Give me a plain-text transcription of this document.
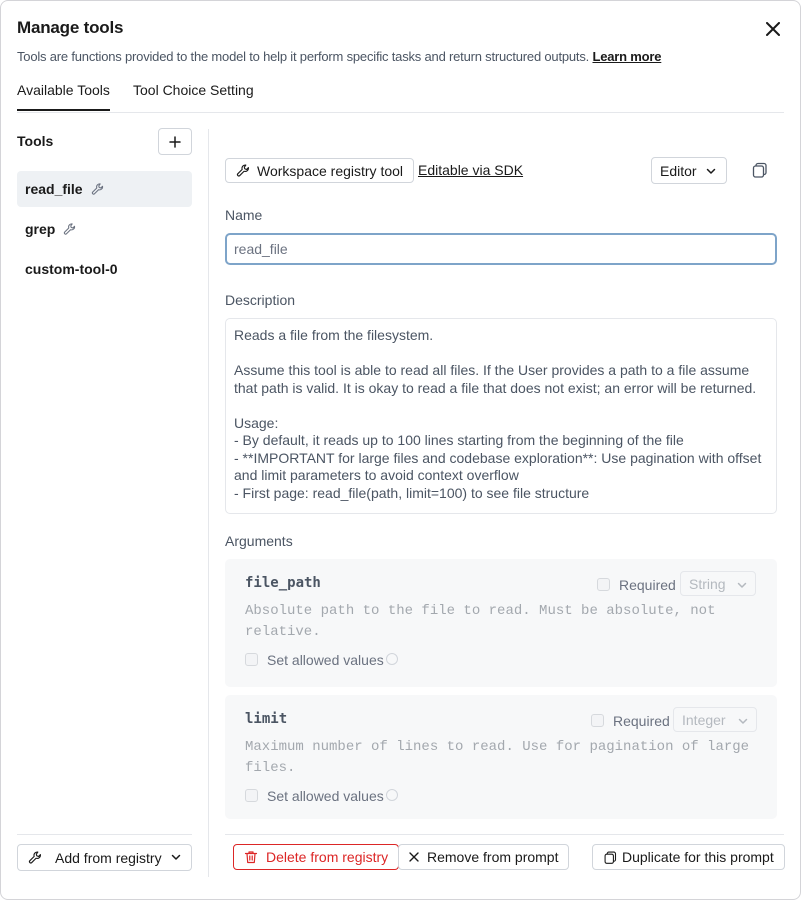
Manage tools
Tools are functions provided to the model to help it perform specific tasks and return structured outputs. Learn more
Available Tools Tool Choice Setting
Tools
read_file
grep
custom-tool-0
Add from registry
Workspace registry tool Editable via SDK	Editor
Name
read_file
Description
Reads a file from the filesystem.

Assume this tool is able to read all files. If the User provides a path to a file assume that path is valid. It is okay to read a file that does not exist; an error will be returned.

Usage:
- By default, it reads up to 100 lines starting from the beginning of the file
- **IMPORTANT for large files and codebase exploration**: Use pagination with offset and limit parameters to avoid context overflow
- First page: read_file(path, limit=100) to see file structure
Arguments
file_path	Required String
Absolute path to the file to read. Must be absolute, not relative.
Set allowed values
limit	Required Integer
Maximum number of lines to read. Use for pagination of large files.
Set allowed values
Delete from registry	Remove from prompt	Duplicate for this prompt
